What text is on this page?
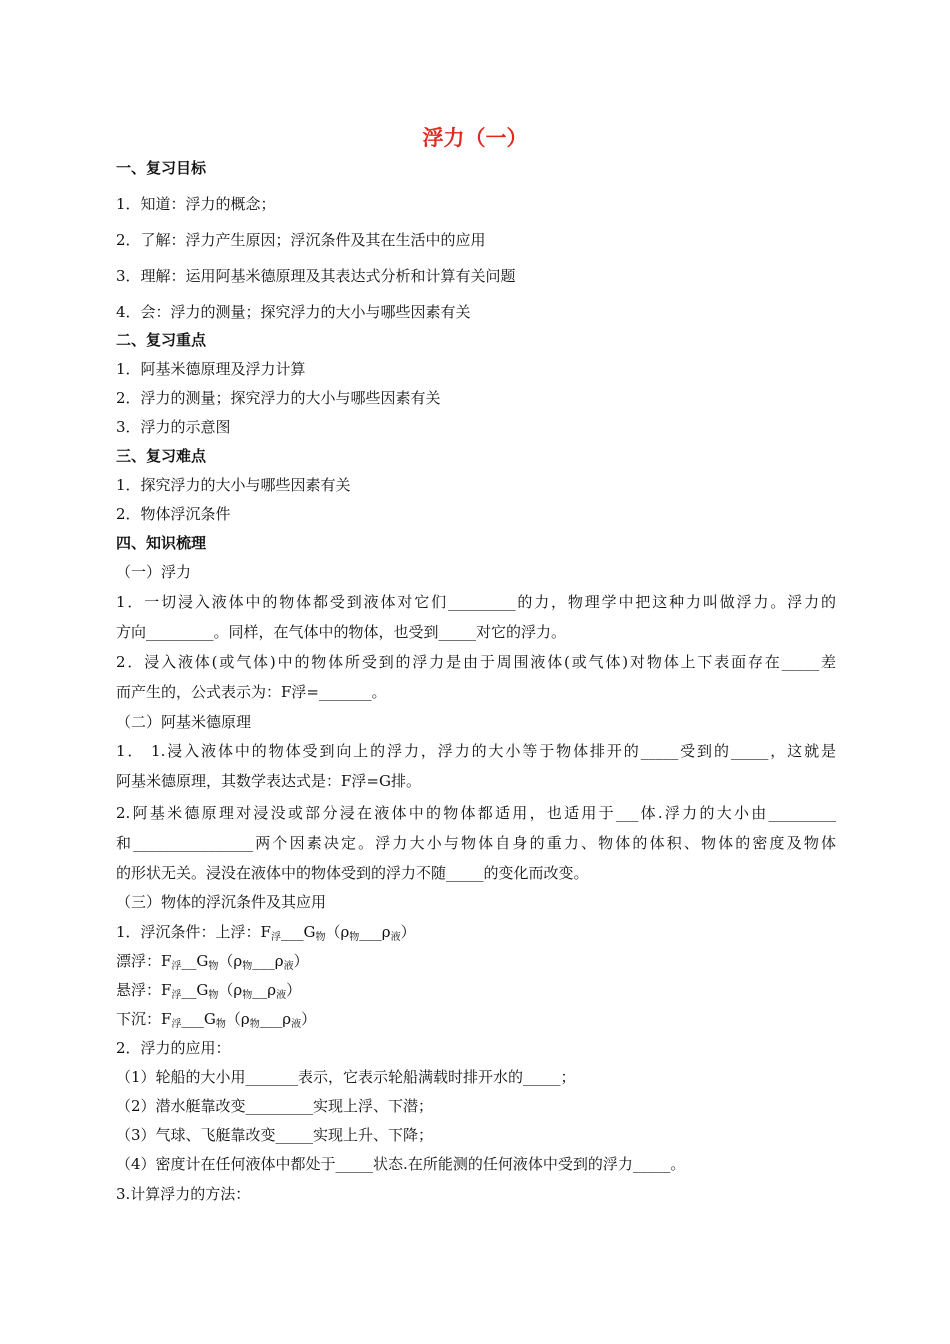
浮力（一）
一、复习目标
1．知道：浮力的概念；
2．了解：浮力产生原因；浮沉条件及其在生活中的应用
3．理解：运用阿基米德原理及其表达式分析和计算有关问题
4．会：浮力的测量；探究浮力的大小与哪些因素有关
二、复习重点
1．阿基米德原理及浮力计算
2．浮力的测量；探究浮力的大小与哪些因素有关
3．浮力的示意图
三、复习难点
1．探究浮力的大小与哪些因素有关
2．物体浮沉条件
四、知识梳理
（一）浮力
1．一切浸入液体中的物体都受到液体对它们_________的力，物理学中把这种力叫做浮力。浮力的
方向_________。同样，在气体中的物体，也受到_____对它的浮力。
2．浸入液体(或气体)中的物体所受到的浮力是由于周围液体(或气体)对物体上下表面存在_____差
而产生的，公式表示为：F浮=_______。
（二）阿基米德原理
1． 1.浸入液体中的物体受到向上的浮力，浮力的大小等于物体排开的_____受到的_____，这就是
阿基米德原理，其数学表达式是：F浮=G排。
2.阿基米德原理对浸没或部分浸在液体中的物体都适用，也适用于___体.浮力的大小由_________
和________________两个因素决定。浮力大小与物体自身的重力、物体的体积、物体的密度及物体
的形状无关。浸没在液体中的物体受到的浮力不随_____的变化而改变。
（三）物体的浮沉条件及其应用
1．浮沉条件：上浮：$F_浮\_\_\_G_物(\rho_物\_\_\_\rho_液)$
漂浮：$F_浮\_\_G_物(\rho_物\_\_\_\rho_液)$
悬浮：$F_浮\_\_G_物(\rho_物\_\_\rho_液)$
下沉：$F_浮\_\_\_G_物(\rho_物\_\_\_\rho_液)$
2．浮力的应用：
（1）轮船的大小用_______表示，它表示轮船满载时排开水的_____；
（2）潜水艇靠改变_________实现上浮、下潜；
（3）气球、飞艇靠改变_____实现上升、下降；
（4）密度计在任何液体中都处于_____状态.在所能测的任何液体中受到的浮力_____。
3.计算浮力的方法：
